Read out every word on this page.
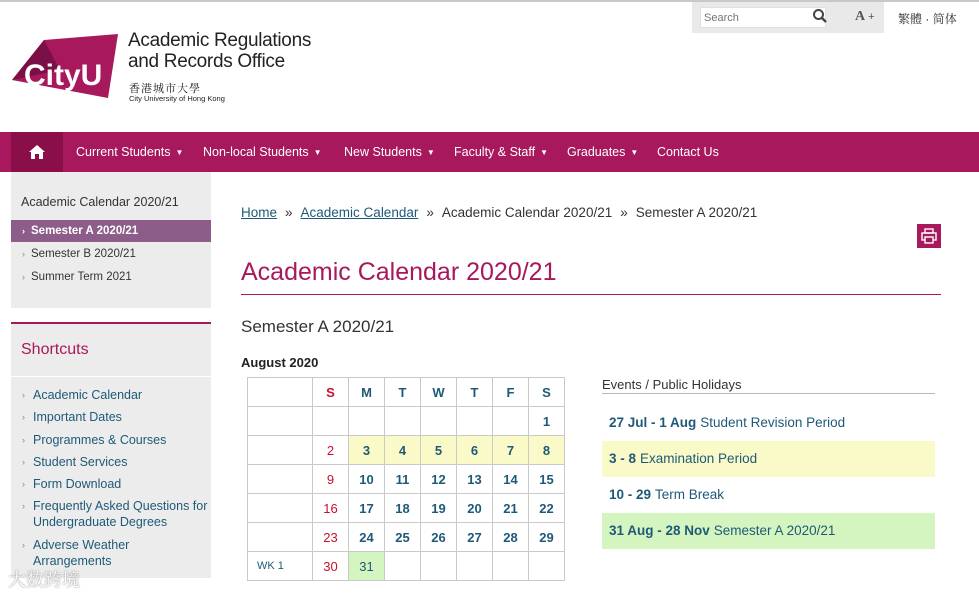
CityU
Academic Regulations
and Records Office
香港城市大學
City University of Hong Kong
Search
A + 繁體 · 简体
Current Students ▼ Non-local Students ▼ New Students ▼ Faculty & Staff ▼ Graduates ▼ Contact Us
Academic Calendar 2020/21
› Semester A 2020/21
› Semester B 2020/21
› Summer Term 2021
Shortcuts
› Academic Calendar
› Important Dates
› Programmes & Courses
› Student Services
› Form Download
› Frequently Asked Questions for Undergraduate Degrees
› Adverse Weather Arrangements
Home » Academic Calendar » Academic Calendar 2020/21 » Semester A 2020/21
Academic Calendar 2020/21
Semester A 2020/21
August 2020
	S	M	T	W	T	F	S
							1
	2	3	4	5	6	7	8
	9	10	11	12	13	14	15
	16	17	18	19	20	21	22
	23	24	25	26	27	28	29
WK 1	30	31					
Events / Public Holidays
27 Jul - 1 Aug Student Revision Period
3 - 8 Examination Period
10 - 29 Term Break
31 Aug - 28 Nov Semester A 2020/21
大数跨境
